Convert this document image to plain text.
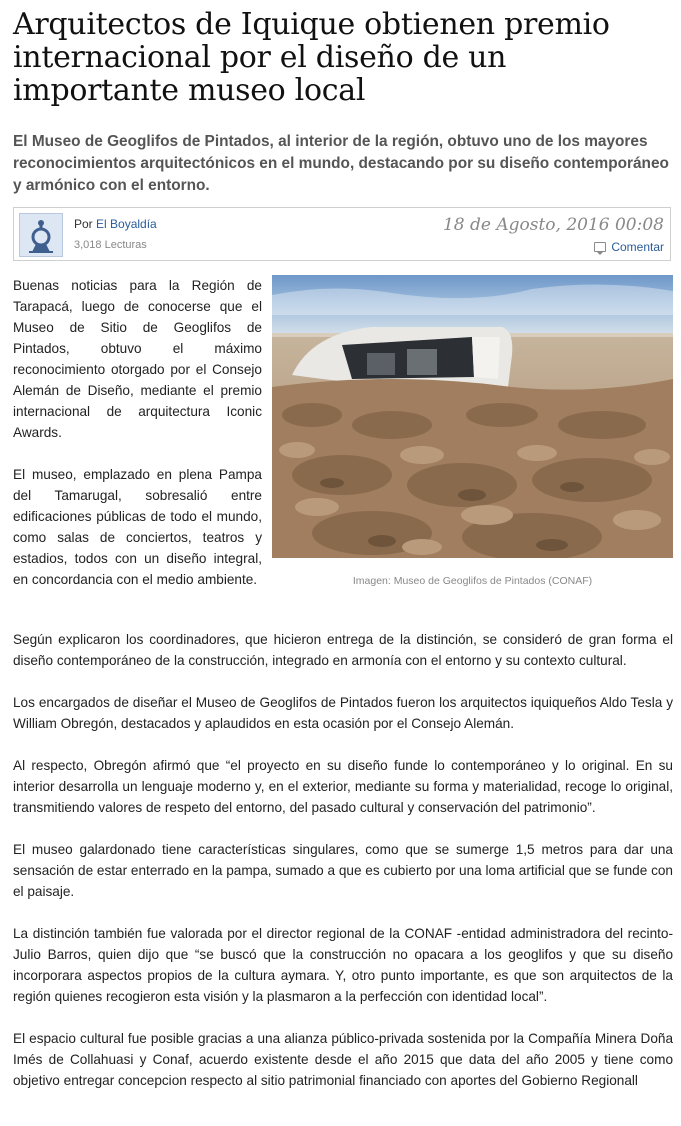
Arquitectos de Iquique obtienen premio internacional por el diseño de un importante museo local

El Museo de Geoglifos de Pintados, al interior de la región, obtuvo uno de los mayores reconocimientos arquitectónicos en el mundo, destacando por su diseño contemporáneo y armónico con el entorno.

Por El Boyaldía
3,018 Lecturas
18 de Agosto, 2016 00:08
Comentar

Buenas noticias para la Región de Tarapacá, luego de conocerse que el Museo de Sitio de Geoglifos de Pintados, obtuvo el máximo reconocimiento otorgado por el Consejo Alemán de Diseño, mediante el premio internacional de arquitectura Iconic Awards.

El museo, emplazado en plena Pampa del Tamarugal, sobresalió entre edificaciones públicas de todo el mundo, como salas de conciertos, teatros y estadios, todos con un diseño integral, en concordancia con el medio ambiente.	Imagen: Museo de Geoglifos de Pintados (CONAF)

Según explicaron los coordinadores, que hicieron entrega de la distinción, se consideró de gran forma el diseño contemporáneo de la construcción, integrado en armonía con el entorno y su contexto cultural.

Los encargados de diseñar el Museo de Geoglifos de Pintados fueron los arquitectos iquiqueños Aldo Tesla y William Obregón, destacados y aplaudidos en esta ocasión por el Consejo Alemán.

Al respecto, Obregón afirmó que “el proyecto en su diseño funde lo contemporáneo y lo original. En su interior desarrolla un lenguaje moderno y, en el exterior, mediante su forma y materialidad, recoge lo original, transmitiendo valores de respeto del entorno, del pasado cultural y conservación del patrimonio”.

El museo galardonado tiene características singulares, como que se sumerge 1,5 metros para dar una sensación de estar enterrado en la pampa, sumado a que es cubierto por una loma artificial que se funde con el paisaje.

La distinción también fue valorada por el director regional de la CONAF -entidad administradora del recinto- Julio Barros, quien dijo que “se buscó que la construcción no opacara a los geoglifos y que su diseño incorporara aspectos propios de la cultura aymara. Y, otro punto importante, es que son arquitectos de la región quienes recogieron esta visión y la plasmaron a la perfección con identidad local”.

El espacio cultural fue posible gracias a una alianza público-privada sostenida por la Compañía Minera Doña Imés de Collahuasi y Conaf, acuerdo existente desde el año 2015 que data del año 2005 y tiene como objetivo entregar concepcion respecto al sitio patrimonial financiado con aportes del Gobierno Regionall
